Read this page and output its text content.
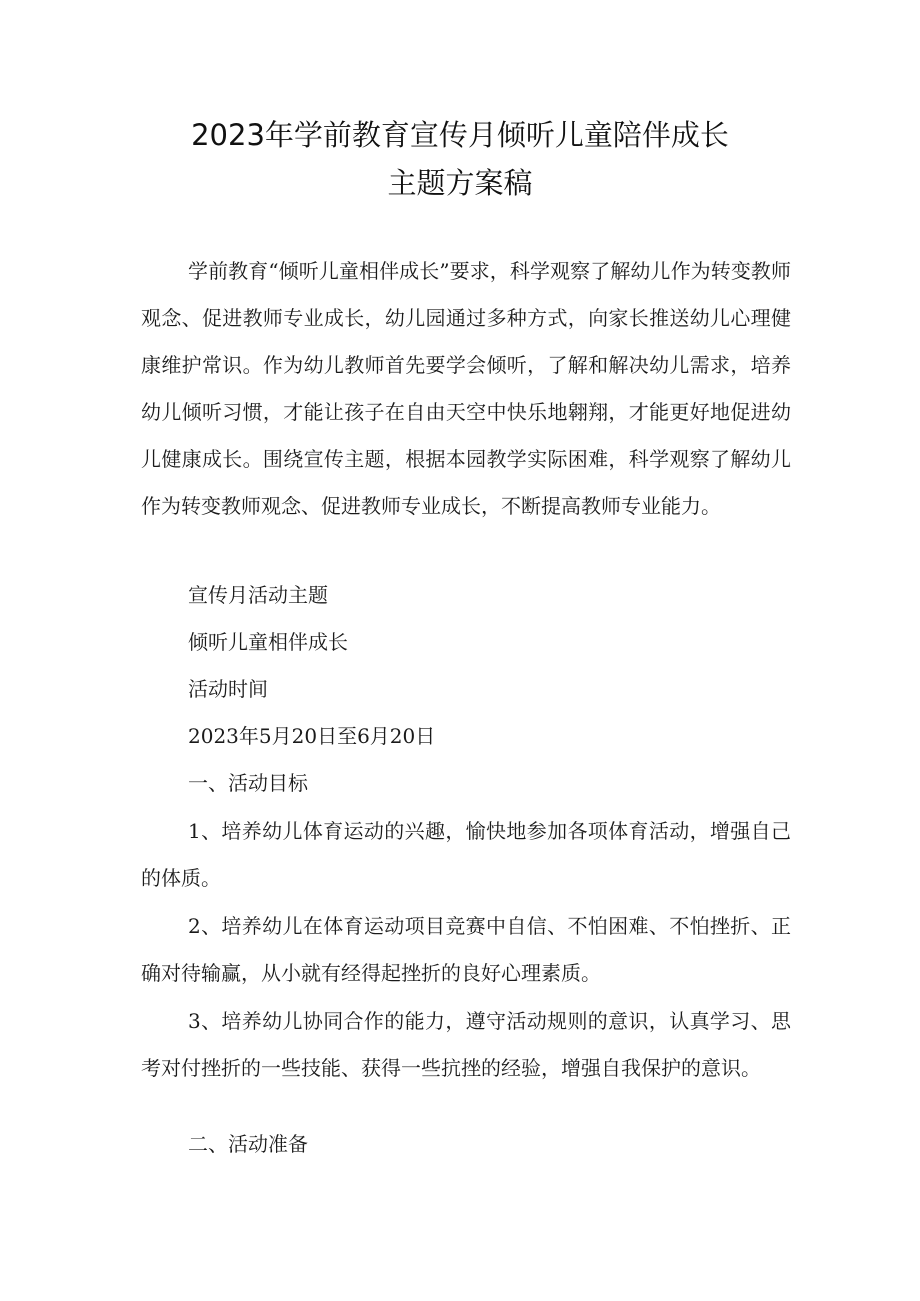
2023年学前教育宣传月倾听儿童陪伴成长
主题方案稿

学前教育“倾听儿童相伴成长”要求，科学观察了解幼儿作为转变教师观念、促进教师专业成长，幼儿园通过多种方式，向家长推送幼儿心理健康维护常识。作为幼儿教师首先要学会倾听，了解和解决幼儿需求，培养幼儿倾听习惯，才能让孩子在自由天空中快乐地翱翔，才能更好地促进幼儿健康成长。围绕宣传主题，根据本园教学实际困难，科学观察了解幼儿作为转变教师观念、促进教师专业成长，不断提高教师专业能力。

宣传月活动主题

倾听儿童相伴成长

活动时间

2023年5月20日至6月20日

一、活动目标

1、培养幼儿体育运动的兴趣，愉快地参加各项体育活动，增强自己的体质。

2、培养幼儿在体育运动项目竞赛中自信、不怕困难、不怕挫折、正确对待输赢，从小就有经得起挫折的良好心理素质。

3、培养幼儿协同合作的能力，遵守活动规则的意识，认真学习、思考对付挫折的一些技能、获得一些抗挫的经验，增强自我保护的意识。

二、活动准备
